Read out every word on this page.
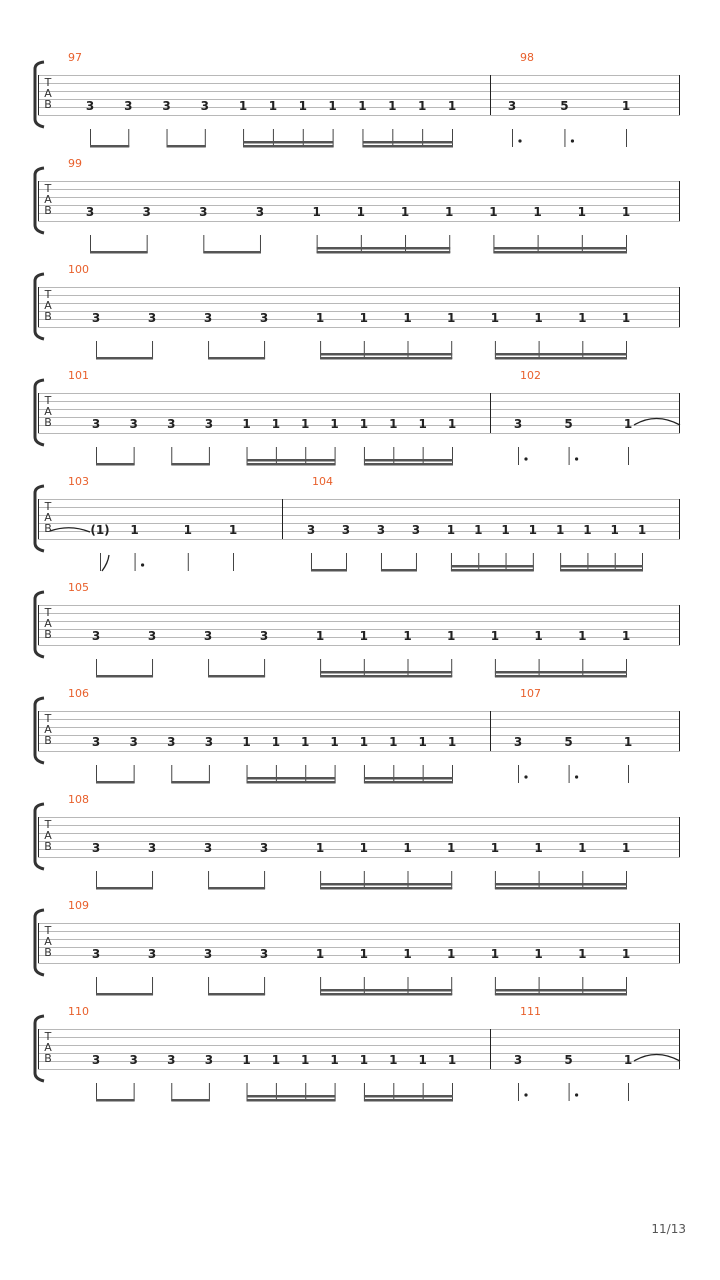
T
A
B
97
3 3 3 3 1 1 1 1 1 1 1 1
98
3	5	1
T
A
B
99
3	3	3	3	1	1	1	1	1	1	1	1
T
A
B
100
3	3	3	3	1	1	1	1	1	1	1	1
T
A
B
101
3 3 3 3 1 1 1 1 1 1 1 1
102
3	5	1
T
A
B
103
(1) 1	1	1
104
3 3 3 3 1 1 1 1 1 1 1 1
T
A
B
105
3	3	3	3	1	1	1	1	1	1	1	1
T
A
B
106
3 3 3 3 1 1 1 1 1 1 1 1
107
3	5	1
T
A
B
108
3	3	3	3	1	1	1	1	1	1	1	1
T
A
B
109
3	3	3	3	1	1	1	1	1	1	1	1
T
A
B
110
3 3 3 3 1 1 1 1 1 1 1 1
111
3	5	1
11/13
